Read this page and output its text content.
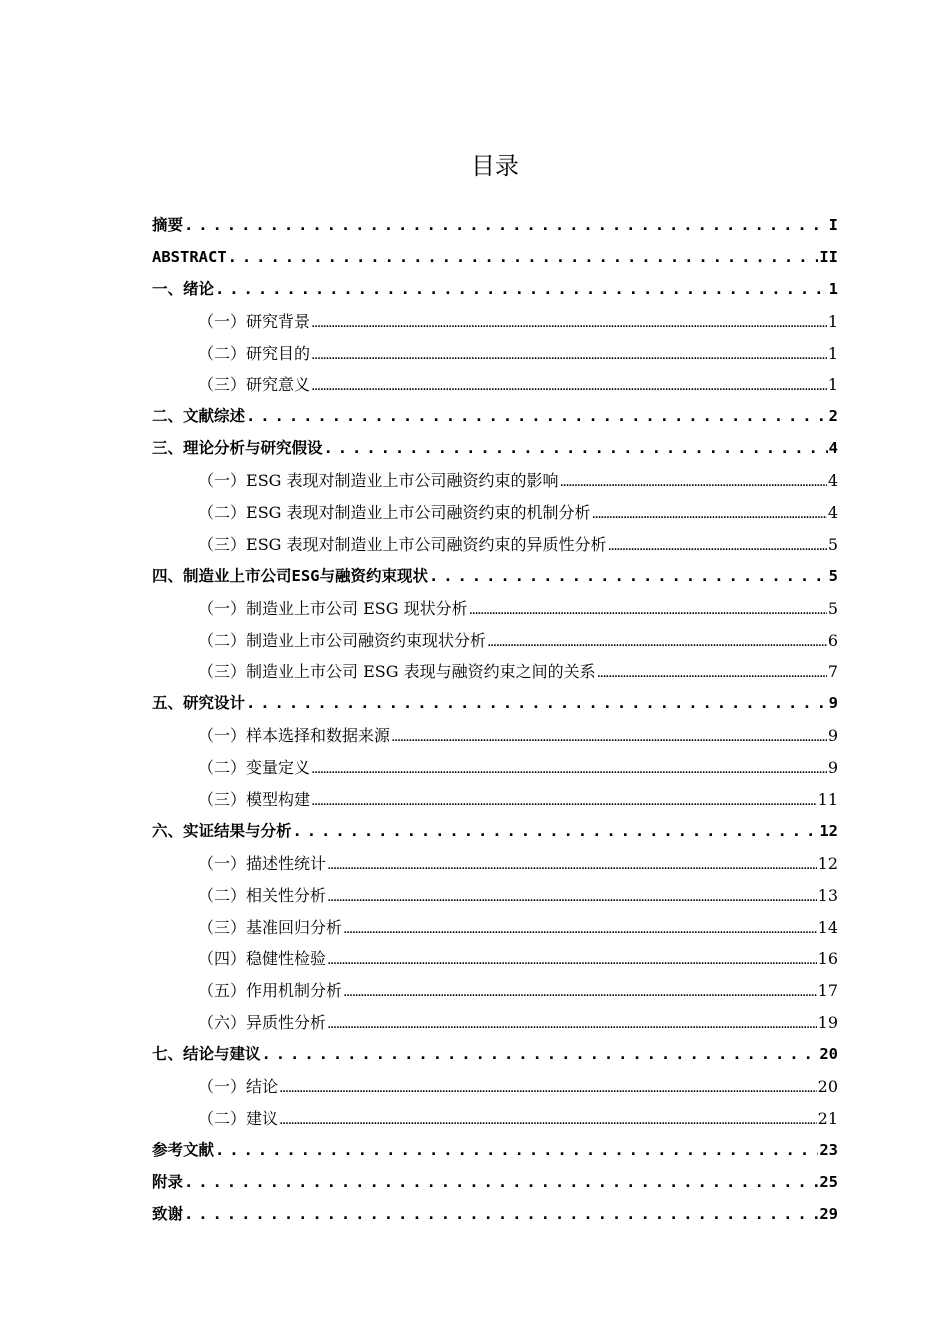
目录
摘要 . . .	I
ABSTRACT . . .	II
一、 绪论 . . .	1
（一） 研究背景 .....	1
（二） 研究目的 .....	1
（三） 研究意义 .....	1
二、 文献综述 . . .	2
三、 理论分析与研究假设 . . .	4
（一） ESG 表现对制造业上市公司融资约束的影响 .....	4
（二） ESG 表现对制造业上市公司融资约束的机制分析 .....	4
（三） ESG 表现对制造业上市公司融资约束的异质性分析 .....	5
四、 制造业上市公司ESG与融资约束现状 . . .	5
（一） 制造业上市公司 ESG 现状分析 .....	5
（二） 制造业上市公司融资约束现状分析 .....	6
（三） 制造业上市公司 ESG 表现与融资约束之间的关系 .....	7
五、 研究设计 . . .	9
（一） 样本选择和数据来源 .....	9
（二） 变量定义 .....	9
（三） 模型构建 .....	11
六、 实证结果与分析 . . .	12
（一） 描述性统计 .....	12
（二） 相关性分析 .....	13
（三） 基准回归分析 .....	14
（四） 稳健性检验 .....	16
（五） 作用机制分析 .....	17
（六） 异质性分析 .....	19
七、 结论与建议 . . .	20
（一） 结论 .....	20
（二） 建议 .....	21
参考文献 . . .	23
附录 . . .	25
致谢 . . .	29
